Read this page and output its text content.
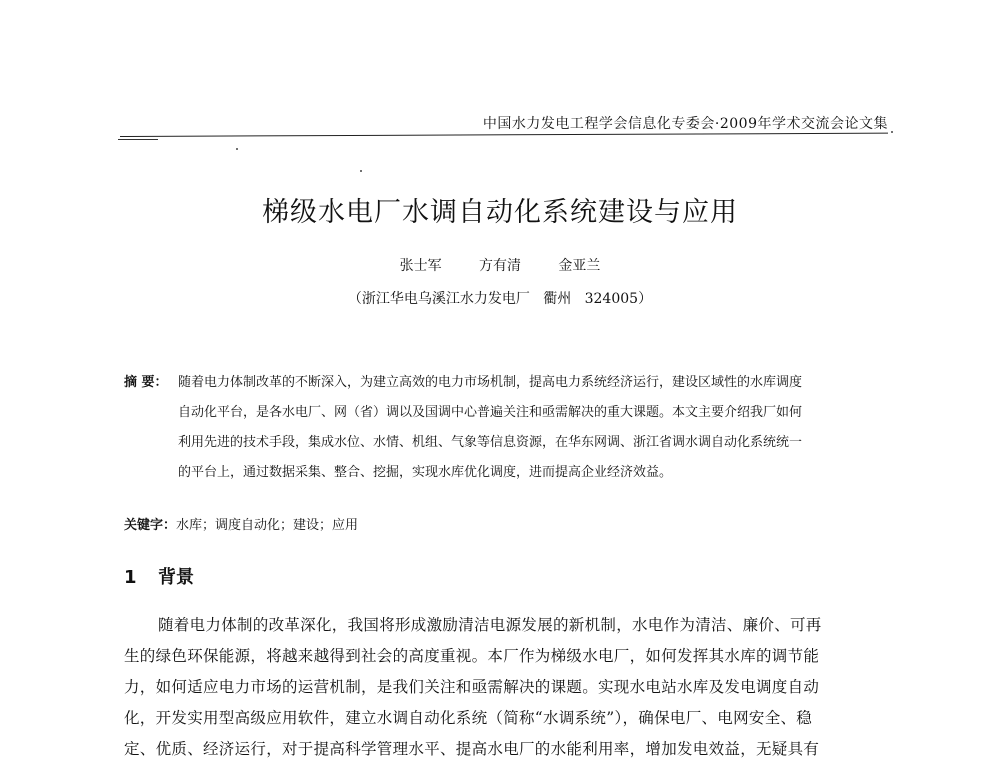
中国水力发电工程学会信息化专委会·2009年学术交流会论文集
梯级水电厂水调自动化系统建设与应用
张士军   方有清   金亚兰
（浙江华电乌溪江水力发电厂   衢州   324005）
摘 要： 随着电力体制改革的不断深入，为建立高效的电力市场机制，提高电力系统经济运行，建设区域性的水库调度
自动化平台，是各水电厂、网（省）调以及国调中心普遍关注和亟需解决的重大课题。本文主要介绍我厂如何
利用先进的技术手段，集成水位、水情、机组、气象等信息资源，在华东网调、浙江省调水调自动化系统统一
的平台上，通过数据采集、整合、挖掘，实现水库优化调度，进而提高企业经济效益。
关键字：水库；调度自动化；建设；应用
1 背景
随着电力体制的改革深化，我国将形成激励清洁电源发展的新机制，水电作为清洁、廉价、可再
生的绿色环保能源，将越来越得到社会的高度重视。本厂作为梯级水电厂，如何发挥其水库的调节能
力，如何适应电力市场的运营机制，是我们关注和亟需解决的课题。实现水电站水库及发电调度自动
化，开发实用型高级应用软件，建立水调自动化系统（简称“水调系统”），确保电厂、电网安全、稳
定、优质、经济运行，对于提高科学管理水平、提高水电厂的水能利用率，增加发电效益，无疑具有
